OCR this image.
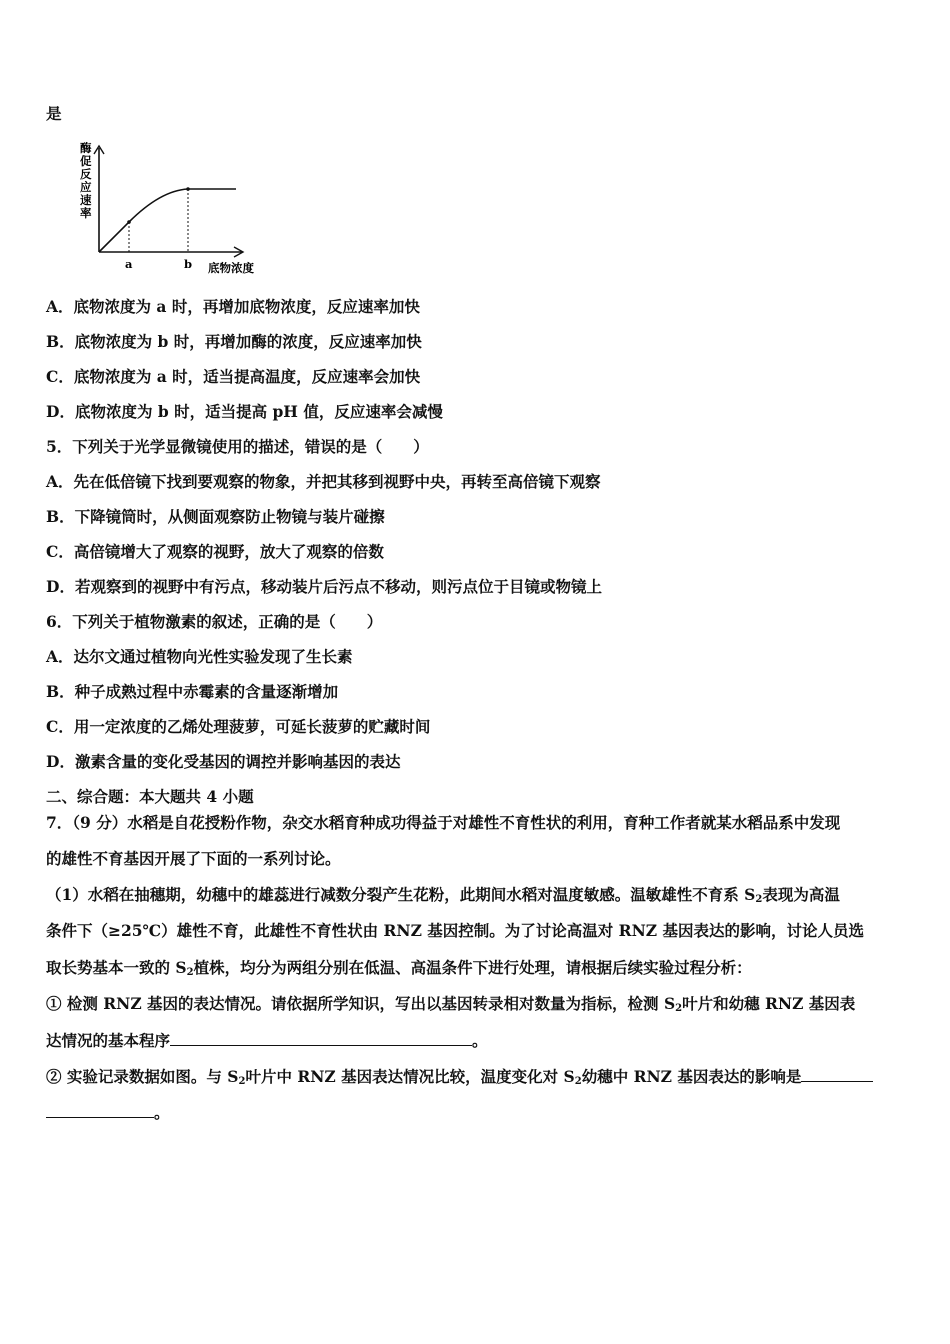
是
酶
促
反
应
速
率
a	b 底物浓度
A．底物浓度为 a 时，再增加底物浓度，反应速率加快
B．底物浓度为 b 时，再增加酶的浓度，反应速率加快
C．底物浓度为 a 时，适当提高温度，反应速率会加快
D．底物浓度为 b 时，适当提高 pH 值，反应速率会减慢
5．下列关于光学显微镜使用的描述，错误的是（　　）
A．先在低倍镜下找到要观察的物象，并把其移到视野中央，再转至高倍镜下观察
B．下降镜筒时，从侧面观察防止物镜与装片碰擦
C．高倍镜增大了观察的视野，放大了观察的倍数
D．若观察到的视野中有污点，移动装片后污点不移动，则污点位于目镜或物镜上
6．下列关于植物激素的叙述，正确的是（　　）
A．达尔文通过植物向光性实验发现了生长素
B．种子成熟过程中赤霉素的含量逐渐增加
C．用一定浓度的乙烯处理菠萝，可延长菠萝的贮藏时间
D．激素含量的变化受基因的调控并影响基因的表达
二、综合题：本大题共 4 小题
7．（9 分）水稻是自花授粉作物，杂交水稻育种成功得益于对雄性不育性状的利用，育种工作者就某水稻品系中发现
的雄性不育基因开展了下面的一系列讨论。
（1）水稻在抽穗期，幼穗中的雄蕊进行减数分裂产生花粉，此期间水稻对温度敏感。温敏雄性不育系 $S_2$表现为高温
条件下（≥25℃）雄性不育，此雄性不育性状由 RNZ 基因控制。为了讨论高温对 RNZ 基因表达的影响，讨论人员选
取长势基本一致的 $S_2$植株，均分为两组分别在低温、高温条件下进行处理，请根据后续实验过程分析：
① 检测 RNZ 基因的表达情况。请依据所学知识，写出以基因转录相对数量为指标，检测 $S_2$叶片和幼穗 RNZ 基因表
达情况的基本程序	。
② 实验记录数据如图。与 $S_2$叶片中 RNZ 基因表达情况比较，温度变化对 $S_2$幼穗中 RNZ 基因表达的影响是
。
